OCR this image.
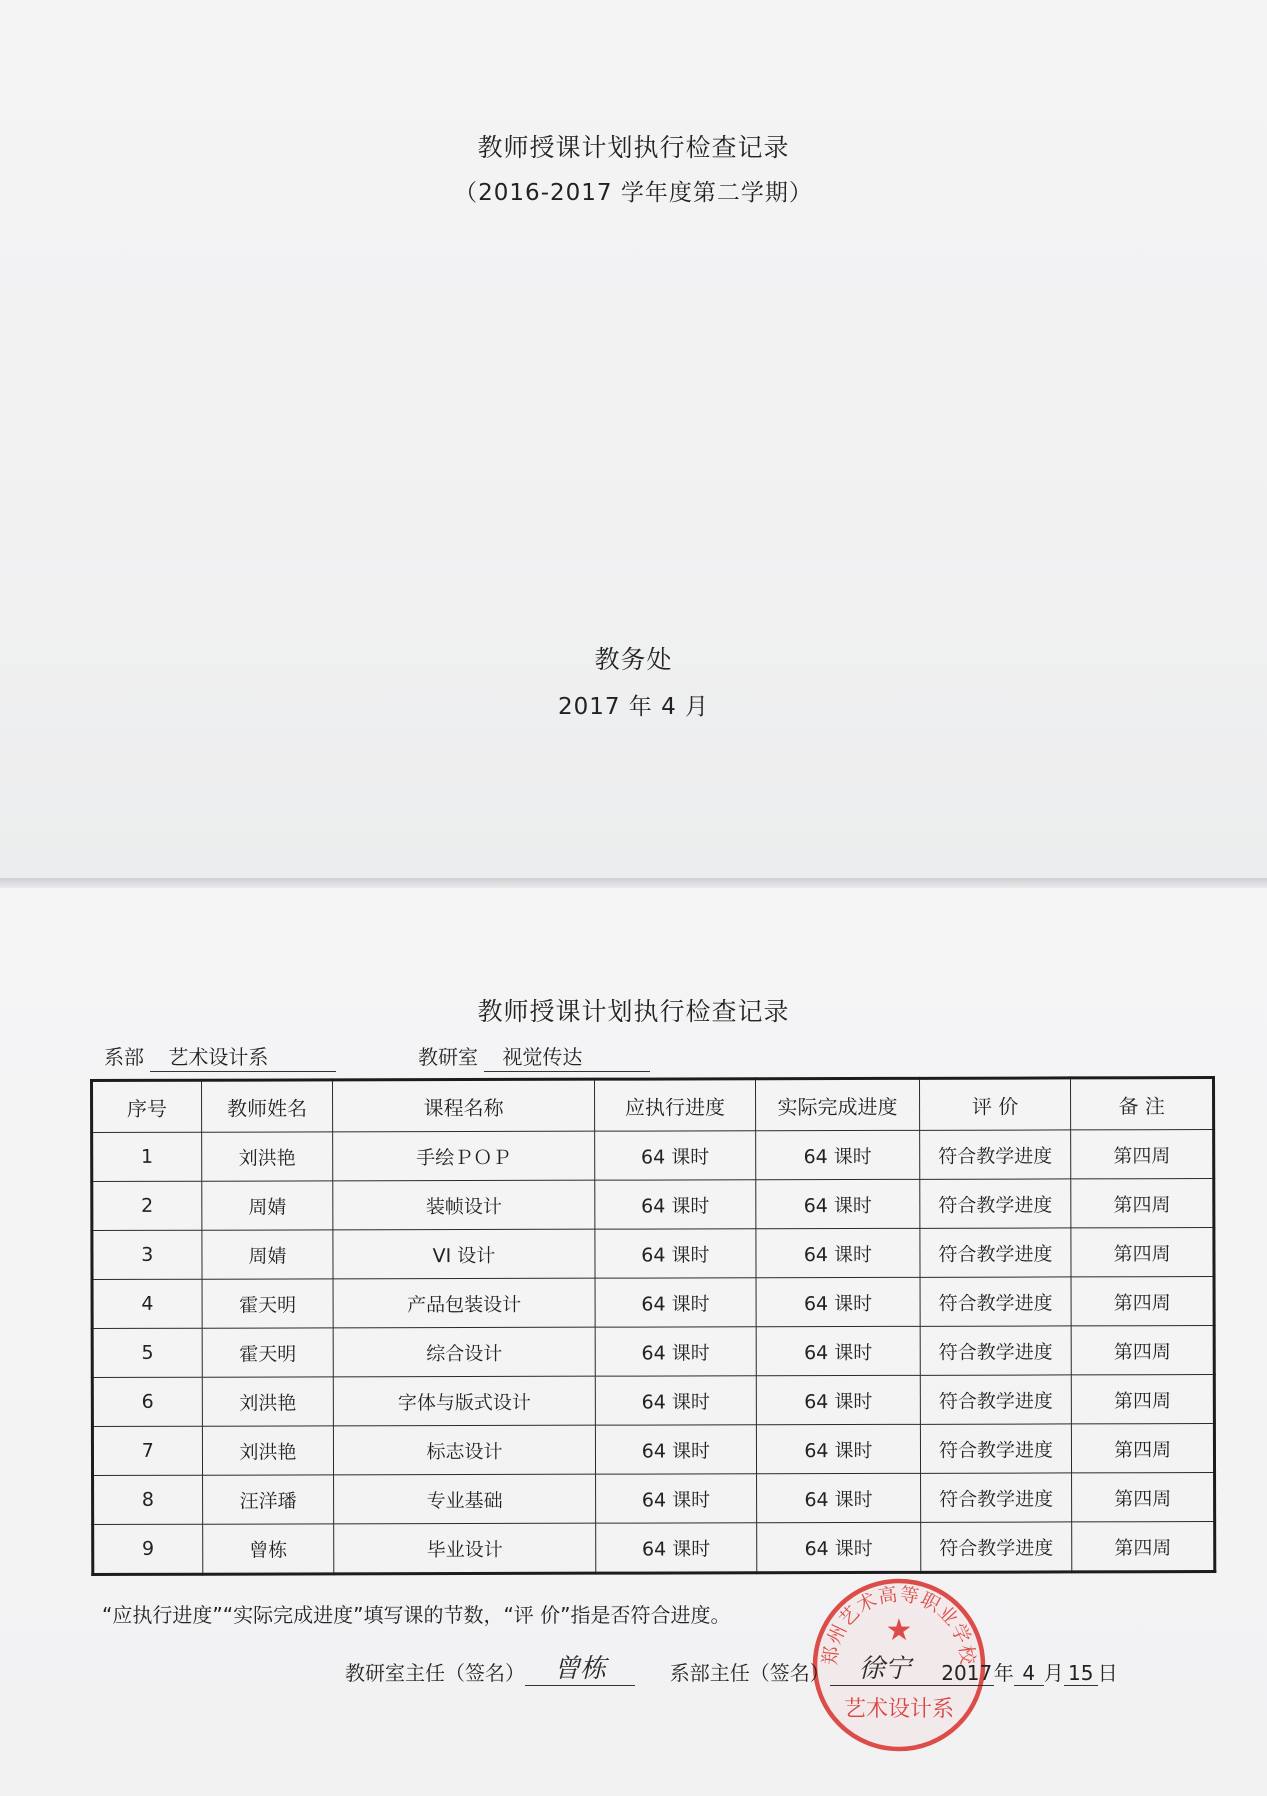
教师授课计划执行检查记录
（2016-2017 学年度第二学期）
教务处
2017 年 4 月
教师授课计划执行检查记录
系部 艺术设计系	教研室 视觉传达
序号	教师姓名	课程名称	应执行进度	实际完成进度	评 价	备 注
1	刘洪艳	手绘ＰＯＰ	64 课时	64 课时	符合教学进度	第四周
2	周婧	装帧设计	64 课时	64 课时	符合教学进度	第四周
3	周婧	VI 设计	64 课时	64 课时	符合教学进度	第四周
4	霍天明	产品包装设计	64 课时	64 课时	符合教学进度	第四周
5	霍天明	综合设计	64 课时	64 课时	符合教学进度	第四周
6	刘洪艳	字体与版式设计	64 课时	64 课时	符合教学进度	第四周
7	刘洪艳	标志设计	64 课时	64 课时	符合教学进度	第四周
8	汪洋璠	专业基础	64 课时	64 课时	符合教学进度	第四周
9	曾栋	毕业设计	64 课时	64 课时	符合教学进度	第四周
“应执行进度”“实际完成进度”填写课的节数，“评 价”指是否符合进度。
郑州艺术高等职业学校
★
艺术设计系
教研室主任（签名） 曾栋	系部主任（签名） 徐宁 2017年 4 月 15 日
